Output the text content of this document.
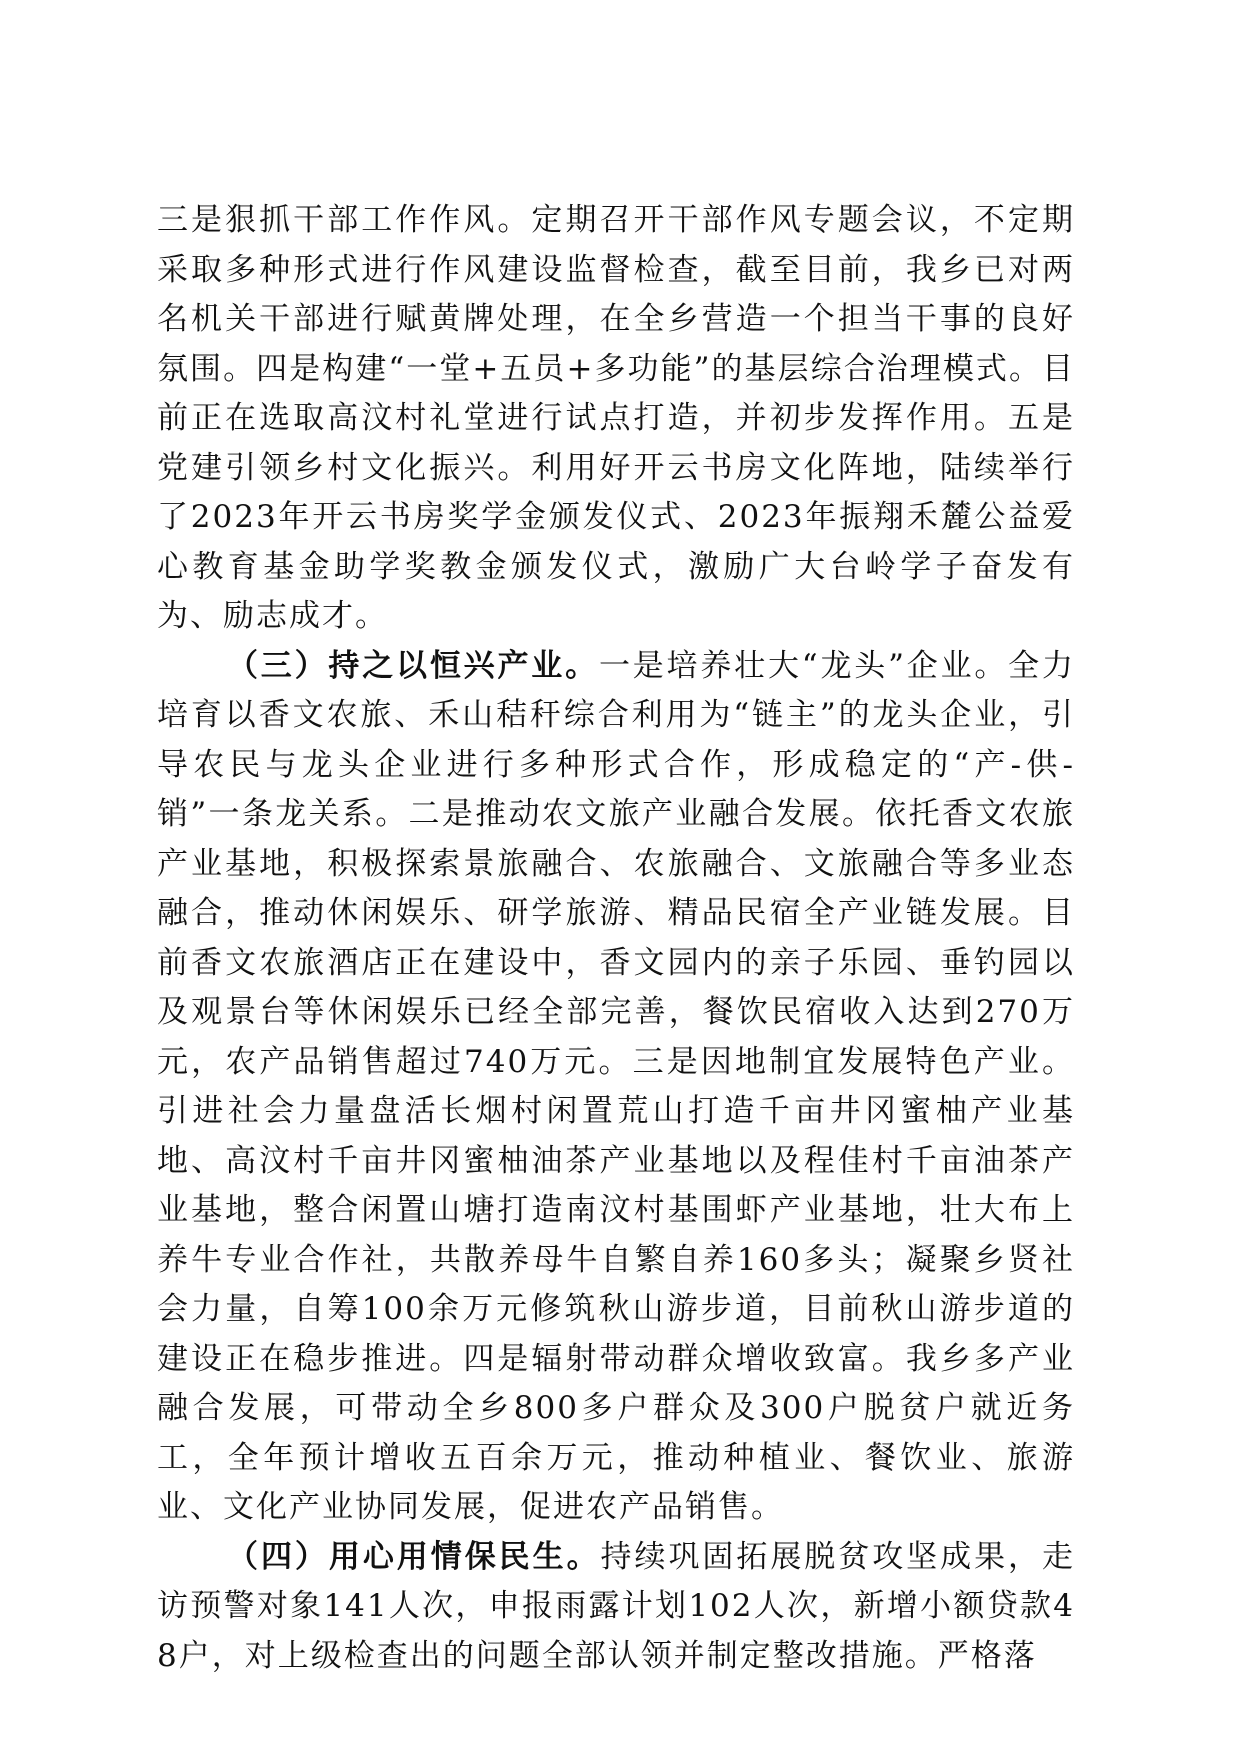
三是狠抓干部工作作风。定期召开干部作风专题会议，不定期采取多种形式进行作风建设监督检查，截至目前，我乡已对两名机关干部进行赋黄牌处理，在全乡营造一个担当干事的良好氛围。四是构建“一堂+五员+多功能”的基层综合治理模式。目前正在选取高汶村礼堂进行试点打造，并初步发挥作用。五是党建引领乡村文化振兴。利用好开云书房文化阵地，陆续举行了2023年开云书房奖学金颁发仪式、2023年振翔禾麓公益爱心教育基金助学奖教金颁发仪式，激励广大台岭学子奋发有为、励志成才。

（三）持之以恒兴产业。一是培养壮大“龙头”企业。全力培育以香文农旅、禾山秸秆综合利用为“链主”的龙头企业，引导农民与龙头企业进行多种形式合作，形成稳定的“产-供-销”一条龙关系。二是推动农文旅产业融合发展。依托香文农旅产业基地，积极探索景旅融合、农旅融合、文旅融合等多业态融合，推动休闲娱乐、研学旅游、精品民宿全产业链发展。目前香文农旅酒店正在建设中，香文园内的亲子乐园、垂钓园以及观景台等休闲娱乐已经全部完善，餐饮民宿收入达到270万元，农产品销售超过740万元。三是因地制宜发展特色产业。引进社会力量盘活长烟村闲置荒山打造千亩井冈蜜柚产业基地、高汶村千亩井冈蜜柚油茶产业基地以及程佳村千亩油茶产业基地，整合闲置山塘打造南汶村基围虾产业基地，壮大布上养牛专业合作社，共散养母牛自繁自养160多头；凝聚乡贤社会力量，自筹100余万元修筑秋山游步道，目前秋山游步道的建设正在稳步推进。四是辐射带动群众增收致富。我乡多产业融合发展，可带动全乡800多户群众及300户脱贫户就近务工，全年预计增收五百余万元，推动种植业、餐饮业、旅游业、文化产业协同发展，促进农产品销售。

（四）用心用情保民生。持续巩固拓展脱贫攻坚成果，走访预警对象141人次，申报雨露计划102人次，新增小额贷款48户，对上级检查出的问题全部认领并制定整改措施。严格落
